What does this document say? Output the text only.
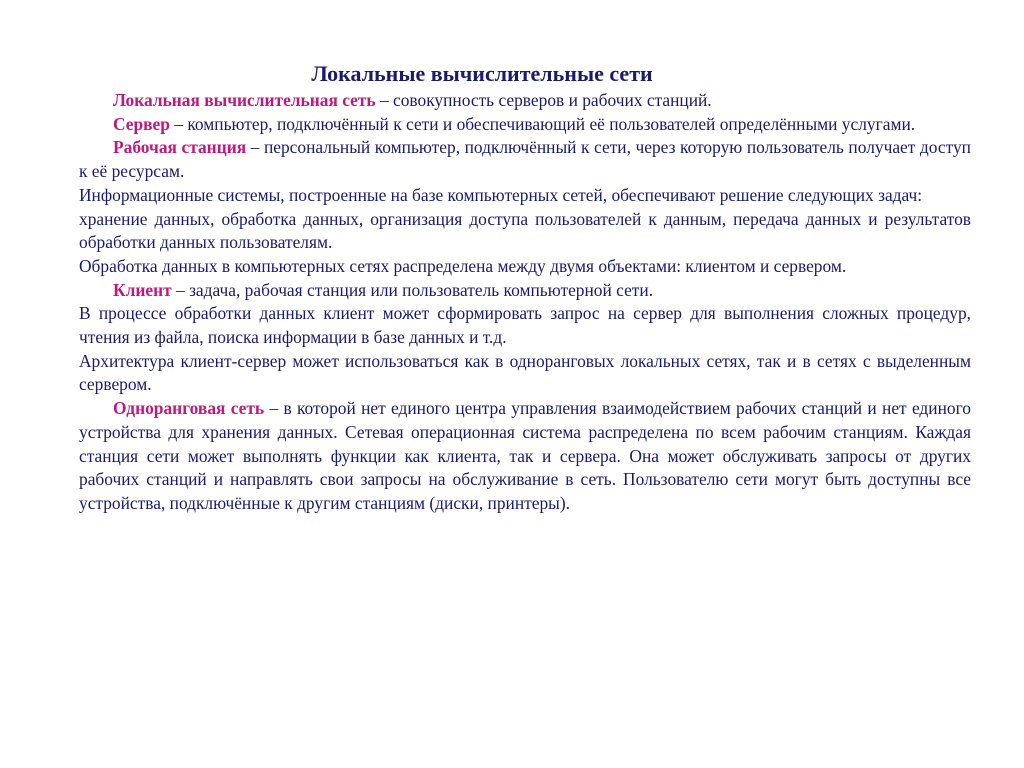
Локальные вычислительные сети

Локальная вычислительная сеть – совокупность серверов и рабочих станций.

Сервер – компьютер, подключённый к сети и обеспечивающий её пользователей определёнными услугами.

Рабочая станция – персональный компьютер, подключённый к сети, через которую пользователь получает доступ к её ресурсам.

Информационные системы, построенные на базе компьютерных сетей, обеспечивают решение следующих задач:

хранение данных, обработка данных, организация доступа пользователей к данным, передача данных и результатов обработки данных пользователям.

Обработка данных в компьютерных сетях распределена между двумя объектами: клиентом и сервером.

Клиент – задача, рабочая станция или пользователь компьютерной сети.

В процессе обработки данных клиент может сформировать запрос на сервер для выполнения сложных процедур, чтения из файла, поиска информации в базе данных и т.д.

Архитектура клиент-сервер может использоваться как в одноранговых локальных сетях, так и в сетях с выделенным сервером.

Одноранговая сеть – в которой нет единого центра управления взаимодействием рабочих станций и нет единого устройства для хранения данных. Сетевая операционная система распределена по всем рабочим станциям. Каждая станция сети может выполнять функции как клиента, так и сервера. Она может обслуживать запросы от других рабочих станций и направлять свои запросы на обслуживание в сеть. Пользователю сети могут быть доступны все устройства, подключённые к другим станциям (диски, принтеры).
